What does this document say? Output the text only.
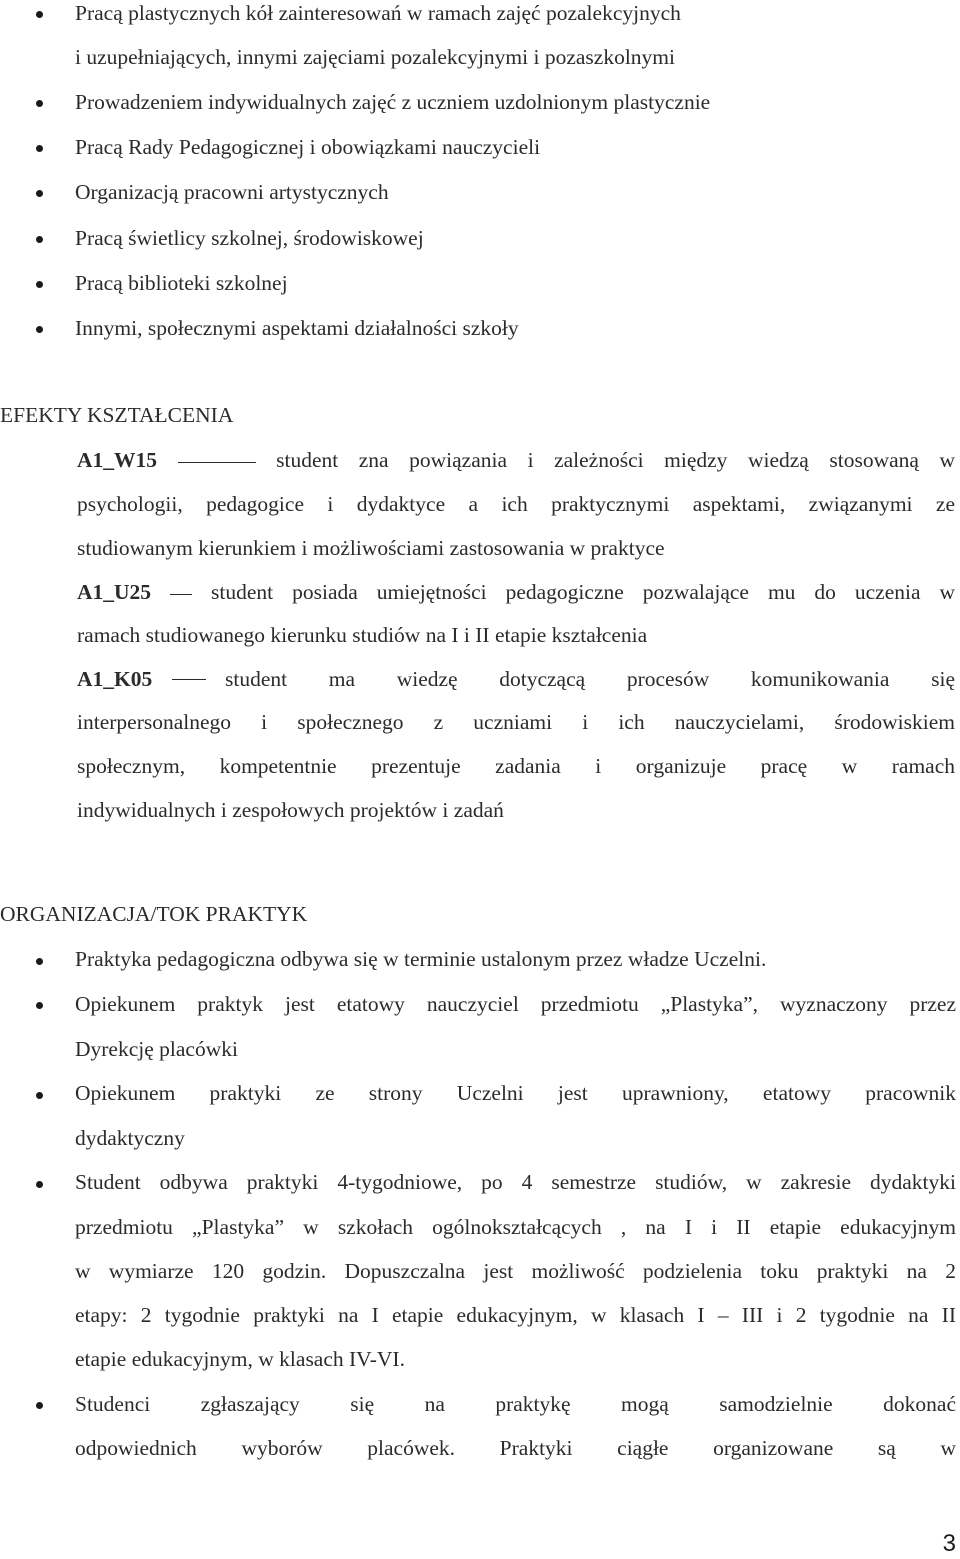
Pracą plastycznych kół zainteresowań w ramach zajęć pozalekcyjnych
i uzupełniających, innymi zajęciami pozalekcyjnymi i pozaszkolnymi
Prowadzeniem indywidualnych zajęć z uczniem uzdolnionym plastycznie
Pracą Rady Pedagogicznej i obowiązkami nauczycieli
Organizacją pracowni artystycznych
Pracą świetlicy szkolnej, środowiskowej
Pracą biblioteki szkolnej
Innymi, społecznymi aspektami działalności szkoły
EFEKTY KSZTAŁCENIA
A1_W15	student zna powiązania i zależności między wiedzą stosowaną w
psychologii, pedagogice i dydaktyce a ich praktycznymi aspektami, związanymi ze
studiowanym kierunkiem i możliwościami zastosowania w praktyce
A1_U25	student posiada umiejętności pedagogiczne pozwalające mu do uczenia w
ramach studiowanego kierunku studiów na I i II etapie kształcenia
A1_K05	student ma wiedzę dotyczącą procesów komunikowania się
interpersonalnego i społecznego z uczniami i ich nauczycielami, środowiskiem
społecznym, kompetentnie prezentuje zadania i organizuje pracę w ramach
indywidualnych i zespołowych projektów i zadań
ORGANIZACJA/TOK PRAKTYK
Praktyka pedagogiczna odbywa się w terminie ustalonym przez władze Uczelni.
Opiekunem praktyk jest etatowy nauczyciel przedmiotu „Plastyka”, wyznaczony przez
Dyrekcję placówki
Opiekunem praktyki ze strony Uczelni jest uprawniony, etatowy pracownik
dydaktyczny
Student odbywa praktyki 4-tygodniowe, po 4 semestrze studiów, w zakresie dydaktyki
przedmiotu „Plastyka” w szkołach ogólnokształcących , na I i II etapie edukacyjnym
w wymiarze 120 godzin. Dopuszczalna jest możliwość podzielenia toku praktyki na 2
etapy: 2 tygodnie praktyki na I etapie edukacyjnym, w klasach I – III i 2 tygodnie na II
etapie edukacyjnym, w klasach IV-VI.
Studenci zgłaszający się na praktykę mogą samodzielnie dokonać
odpowiednich wyborów placówek. Praktyki ciągłe organizowane są w
3
